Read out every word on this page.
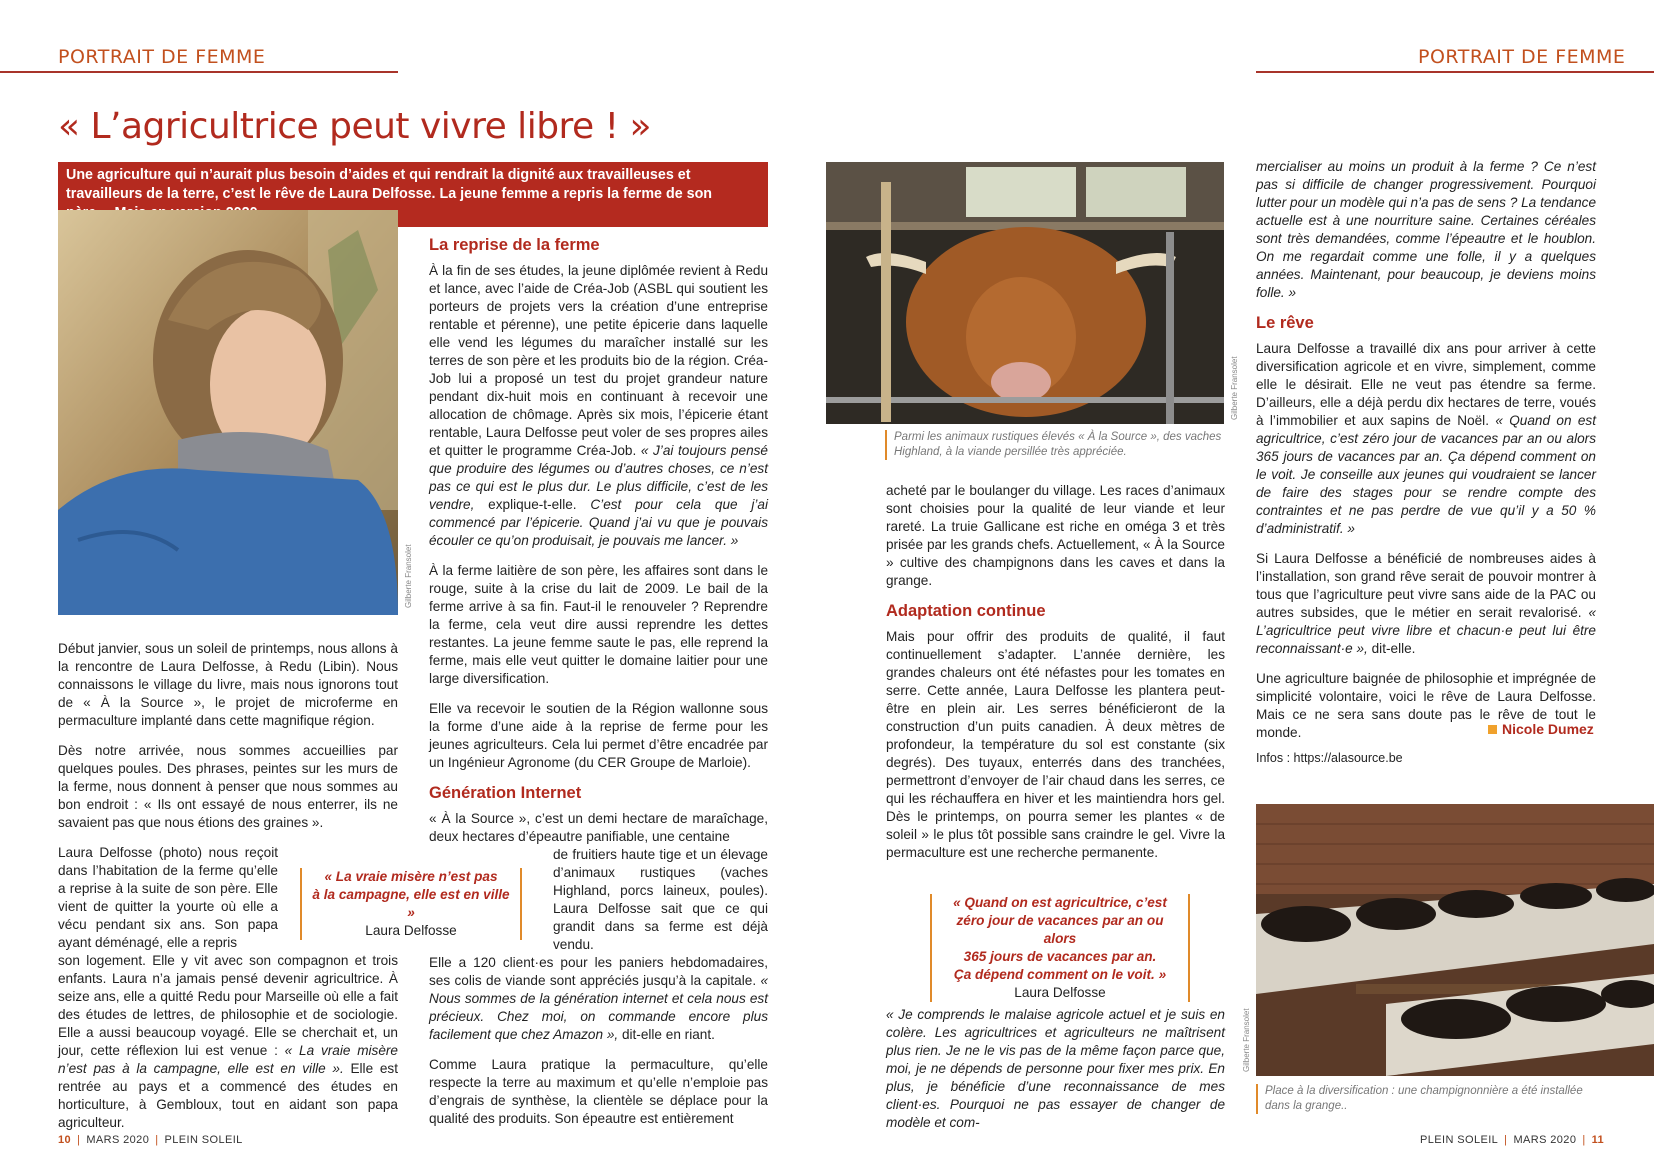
PORTRAIT DE FEMME	PORTRAIT DE FEMME
« L’agricultrice peut vivre libre ! »
Une agriculture qui n’aurait plus besoin d’aides et qui rendrait la dignité aux travailleuses et travailleurs de la terre, c’est le rêve de Laura Delfosse. La jeune femme a repris la ferme de son
Gilberte Fransolet

Début janvier, sous un soleil de printemps, nous allons à la rencontre de Laura Delfosse, à Redu (Libin). Nous connaissons le village du livre, mais nous ignorons tout de « À la Source », le projet de microferme en permaculture implanté dans cette magnifique région.

Dès notre arrivée, nous sommes accueillies par quelques poules. Des phrases, peintes sur les murs de la ferme, nous donnent à penser que nous sommes au bon endroit : « Ils ont essayé de nous enterrer, ils ne savaient pas que nous étions des graines ».

Laura Delfosse (photo) nous reçoit dans l’habitation de la ferme qu’elle a reprise à la suite de son père. Elle vient de quitter la yourte où elle a vécu pendant six ans. Son papa ayant déménagé, elle a repris

son logement. Elle y vit avec son compagnon et trois enfants. Laura n’a jamais pensé devenir agricultrice. À seize ans, elle a quitté Redu pour Marseille où elle a fait des études de lettres, de philosophie et de sociologie. Elle a aussi beaucoup voyagé. Elle se cherchait et, un jour, cette réflexion lui est venue : « La vraie misère n’est pas à la campagne, elle est en ville ». Elle est rentrée au pays et a commencé des études en horticulture, à Gembloux, tout en aidant son papa agriculteur.

« La vraie misère n’est pas
à la campagne, elle est en ville »
Laura Delfosse
La reprise de la ferme

À la fin de ses études, la jeune diplômée revient à Redu et lance, avec l’aide de Créa-Job (ASBL qui soutient les porteurs de projets vers la création d’une entreprise rentable et pérenne), une petite épicerie dans laquelle elle vend les légumes du maraîcher installé sur les terres de son père et les produits bio de la région. Créa-Job lui a proposé un test du projet grandeur nature pendant dix-huit mois en continuant à recevoir une allocation de chômage. Après six mois, l’épicerie étant rentable, Laura Delfosse peut voler de ses propres ailes et quitter le programme Créa-Job. « J’ai toujours pensé que produire des légumes ou d’autres choses, ce n’est pas ce qui est le plus dur. Le plus difficile, c’est de les vendre, explique-t-elle. C’est pour cela que j’ai commencé par l’épicerie. Quand j’ai vu que je pouvais écouler ce qu’on produisait, je pouvais me lancer. »

À la ferme laitière de son père, les affaires sont dans le rouge, suite à la crise du lait de 2009. Le bail de la ferme arrive à sa fin. Faut-il le renouveler ? Reprendre la ferme, cela veut dire aussi reprendre les dettes restantes. La jeune femme saute le pas, elle reprend la ferme, mais elle veut quitter le domaine laitier pour une large diversification.

Elle va recevoir le soutien de la Région wallonne sous la forme d’une aide à la reprise de ferme pour les jeunes agriculteurs. Cela lui permet d’être encadrée par un Ingénieur Agronome (du CER Groupe de Marloie).

Génération Internet

« À la Source », c’est un demi hectare de maraîchage, deux hectares d’épeautre panifiable, une centaine

de fruitiers haute tige et un élevage d’animaux rustiques (vaches Highland, porcs laineux, poules). Laura Delfosse sait que ce qui grandit dans sa ferme est déjà vendu.

Elle a 120 client·es pour les paniers hebdomadaires, ses colis de viande sont appréciés jusqu’à la capitale. « Nous sommes de la génération internet et cela nous est précieux. Chez moi, on commande encore plus facilement que chez Amazon », dit-elle en riant.

Comme Laura pratique la permaculture, qu’elle respecte la terre au maximum et qu’elle n’emploie pas d’engrais de synthèse, la clientèle se déplace pour la qualité des produits. Son épeautre est entièrement

Gilberte Fransolet
Parmi les animaux rustiques élevés « À la Source », des vaches Highland, à la viande persillée très appréciée.

acheté par le boulanger du village. Les races d’animaux sont choisies pour la qualité de leur viande et leur rareté. La truie Gallicane est riche en oméga 3 et très prisée par les grands chefs. Actuellement, « À la Source » cultive des champignons dans les caves et dans la grange.

Adaptation continue

Mais pour offrir des produits de qualité, il faut continuellement s’adapter. L’année dernière, les grandes chaleurs ont été néfastes pour les tomates en serre. Cette année, Laura Delfosse les plantera peut-être en plein air. Les serres bénéficieront de la construction d’un puits canadien. À deux mètres de profondeur, la température du sol est constante (six degrés). Des tuyaux, enterrés dans des tranchées, permettront d’envoyer de l’air chaud dans les serres, ce qui les réchauffera en hiver et les maintiendra hors gel. Dès le printemps, on pourra semer les plantes « de soleil » le plus tôt possible sans craindre le gel. Vivre la permaculture est une recherche permanente.

« Quand on est agricultrice, c’est
zéro jour de vacances par an ou alors
365 jours de vacances par an.
Ça dépend comment on le voit. »
Laura Delfosse

« Je comprends le malaise agricole actuel et je suis en colère. Les agricultrices et agriculteurs ne maîtrisent plus rien. Je ne le vis pas de la même façon parce que, moi, je ne dépends de personne pour fixer mes prix. En plus, je bénéficie d’une reconnaissance de mes client·es. Pourquoi ne pas essayer de changer de modèle et com-

mercialiser au moins un produit à la ferme ? Ce n’est pas si difficile de changer progressivement. Pourquoi lutter pour un modèle qui n’a pas de sens ? La tendance actuelle est à une nourriture saine. Certaines céréales sont très demandées, comme l’épeautre et le houblon. On me regardait comme une folle, il y a quelques années. Maintenant, pour beaucoup, je deviens moins folle. »

Le rêve

Laura Delfosse a travaillé dix ans pour arriver à cette diversification agricole et en vivre, simplement, comme elle le désirait. Elle ne veut pas étendre sa ferme. D’ailleurs, elle a déjà perdu dix hectares de terre, voués à l’immobilier et aux sapins de Noël. « Quand on est agricultrice, c’est zéro jour de vacances par an ou alors 365 jours de vacances par an. Ça dépend comment on le voit. Je conseille aux jeunes qui voudraient se lancer de faire des stages pour se rendre compte des contraintes et ne pas perdre de vue qu’il y a 50 % d’administratif. »

Si Laura Delfosse a bénéficié de nombreuses aides à l’installation, son grand rêve serait de pouvoir montrer à tous que l’agriculture peut vivre sans aide de la PAC ou autres subsides, que le métier en serait revalorisé. « L’agricultrice peut vivre libre et chacun·e peut lui être reconnaissant·e », dit-elle.

Une agriculture baignée de philosophie et imprégnée de simplicité volontaire, voici le rêve de Laura Delfosse. Mais ce ne sera sans doute pas le rêve de tout le monde.	Nicole Dumez
Infos : https://alasource.be
Gilberte Fransolet
Place à la diversification : une champignonnière a été installée dans la grange..
10 | MARS 2020 | PLEIN SOLEIL	PLEIN SOLEIL | MARS 2020 | 11
